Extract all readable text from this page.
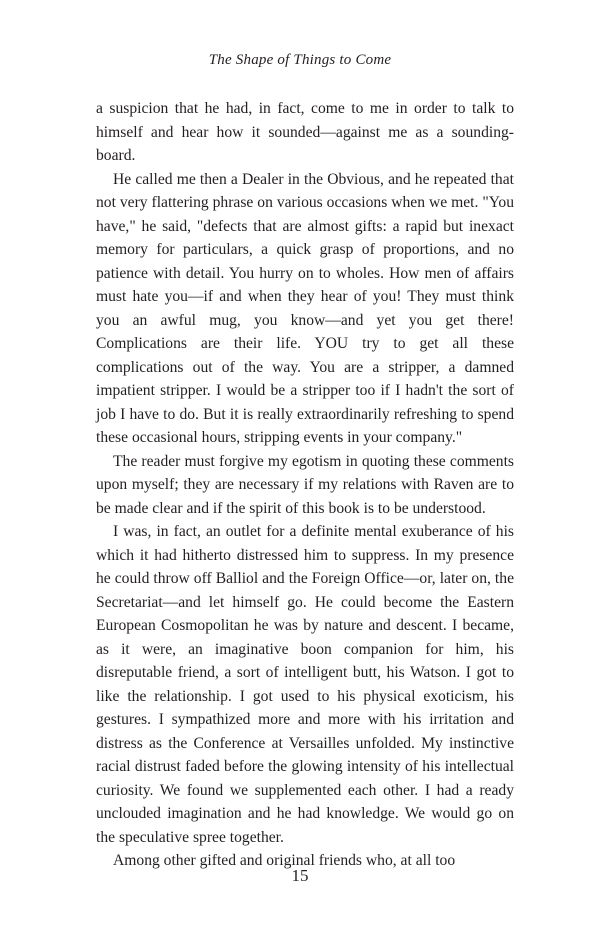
The Shape of Things to Come

a suspicion that he had, in fact, come to me in order to talk to himself and hear how it sounded—against me as a sounding-board.

He called me then a Dealer in the Obvious, and he repeated that not very flattering phrase on various occasions when we met. "You have," he said, "defects that are almost gifts: a rapid but inexact memory for particulars, a quick grasp of proportions, and no patience with detail. You hurry on to wholes. How men of affairs must hate you—if and when they hear of you! They must think you an awful mug, you know—and yet you get there! Complications are their life. YOU try to get all these complications out of the way. You are a stripper, a damned impatient stripper. I would be a stripper too if I hadn't the sort of job I have to do. But it is really extraordinarily refreshing to spend these occasional hours, stripping events in your company."

The reader must forgive my egotism in quoting these comments upon myself; they are necessary if my relations with Raven are to be made clear and if the spirit of this book is to be understood.

I was, in fact, an outlet for a definite mental exuberance of his which it had hitherto distressed him to suppress. In my presence he could throw off Balliol and the Foreign Office—or, later on, the Secretariat—and let himself go. He could become the Eastern European Cosmopolitan he was by nature and descent. I became, as it were, an imaginative boon companion for him, his disreputable friend, a sort of intelligent butt, his Watson. I got to like the relationship. I got used to his physical exoticism, his gestures. I sympathized more and more with his irritation and distress as the Conference at Versailles unfolded. My instinctive racial distrust faded before the glowing intensity of his intellectual curiosity. We found we supplemented each other. I had a ready unclouded imagination and he had knowledge. We would go on the speculative spree together.

Among other gifted and original friends who, at all too

15
